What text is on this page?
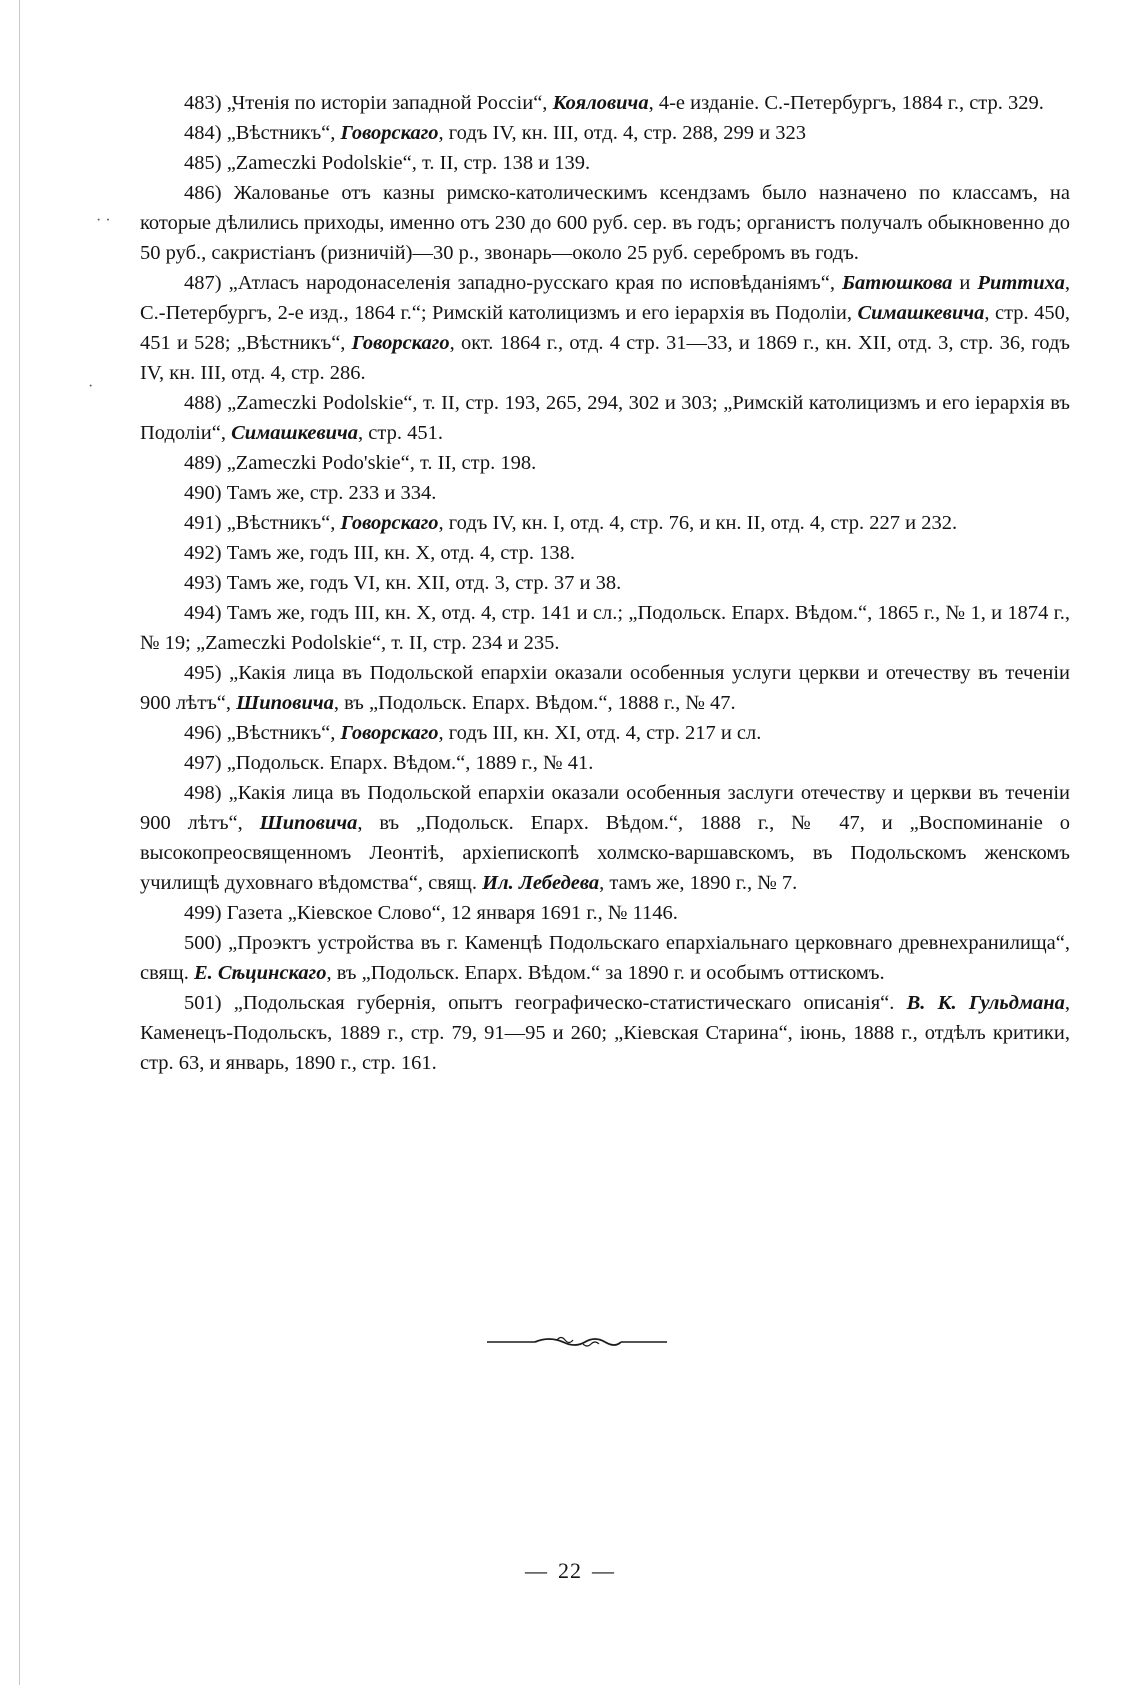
· ·
·
483) „Чтенія по исторіи западной Россіи“, Кояловича, 4-е изданіе. С.-Петербургъ, 1884 г., стр. 329.
484) „Вѣстникъ“, Говорскаго, годъ IV, кн. III, отд. 4, стр. 288, 299 и 323
485) „Zameczki Podolskie“, т. II, стр. 138 и 139.
486) Жалованье отъ казны римско-католическимъ ксендзамъ было назначено по классамъ, на которые дѣлились приходы, именно отъ 230 до 600 руб. сер. въ годъ; органистъ получалъ обыкновенно до 50 руб., сакристіанъ (ризничій)—30 р., звонарь—около 25 руб. серебромъ въ годъ.
487) „Атласъ народонаселенія западно-русскаго края по исповѣданіямъ“, Батюшкова и Риттиха, С.-Петербургъ, 2-е изд., 1864 г.“; Римскій католицизмъ и его іерархія въ Подоліи, Симашкевича, стр. 450, 451 и 528; „Вѣстникъ“, Говорскаго, окт. 1864 г., отд. 4 стр. 31—33, и 1869 г., кн. XII, отд. 3, стр. 36, годъ IV, кн. III, отд. 4, стр. 286.
488) „Zameczki Podolskie“, т. II, стр. 193, 265, 294, 302 и 303; „Римскій католицизмъ и его іерархія въ Подоліи“, Симашкевича, стр. 451.
489) „Zameczki Podo'skie“, т. II, стр. 198.
490) Тамъ же, стр. 233 и 334.
491) „Вѣстникъ“, Говорскаго, годъ IV, кн. I, отд. 4, стр. 76, и кн. II, отд. 4, стр. 227 и 232.
492) Тамъ же, годъ III, кн. X, отд. 4, стр. 138.
493) Тамъ же, годъ VI, кн. XII, отд. 3, стр. 37 и 38.
494) Тамъ же, годъ III, кн. X, отд. 4, стр. 141 и сл.; „Подольск. Епарх. Вѣдом.“, 1865 г., № 1, и 1874 г., № 19; „Zameczki Podolskie“, т. II, стр. 234 и 235.
495) „Какія лица въ Подольской епархіи оказали особенныя услуги церкви и отечеству въ теченіи 900 лѣтъ“, Шиповича, въ „Подольск. Епарх. Вѣдом.“, 1888 г., № 47.
496) „Вѣстникъ“, Говорскаго, годъ III, кн. XI, отд. 4, стр. 217 и сл.
497) „Подольск. Епарх. Вѣдом.“, 1889 г., № 41.
498) „Какія лица въ Подольской епархіи оказали особенныя заслуги отечеству и церкви въ теченіи 900 лѣтъ“, Шиповича, въ „Подольск. Епарх. Вѣдом.“, 1888 г., № 47, и „Воспоминаніе о высокопреосвященномъ Леонтіѣ, архіепископѣ холмско-варшавскомъ, въ Подольскомъ женскомъ училищѣ духовнаго вѣдомства“, свящ. Ил. Лебедева, тамъ же, 1890 г., № 7.
499) Газета „Кіевское Слово“, 12 января 1691 г., № 1146.
500) „Проэктъ устройства въ г. Каменцѣ Подольскаго епархіальнаго церковнаго древнехранилища“, свящ. Е. Сѣцинскаго, въ „Подольск. Епарх. Вѣдом.“ за 1890 г. и особымъ оттискомъ.
501) „Подольская губернія, опытъ географическо-статистическаго описанія“. В. К. Гульдмана, Каменецъ-Подольскъ, 1889 г., стр. 79, 91—95 и 260; „Кіевская Старина“, іюнь, 1888 г., отдѣлъ критики, стр. 63, и январь, 1890 г., стр. 161.
— 22 —
